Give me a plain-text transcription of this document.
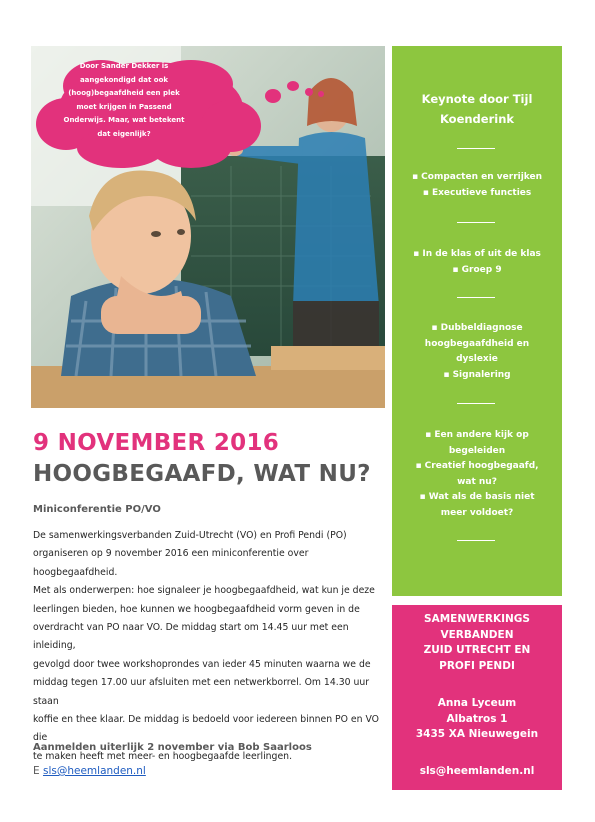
Door Sander Dekker is
aangekondigd dat ook
(hoog)begaafdheid een plek
moet krijgen in Passend
Onderwijs. Maar, wat betekent
dat eigenlijk?
Keynote door Tijl
Koenderink
▪ Compacten en verrijken
▪ Executieve functies
▪ In de klas of uit de klas
▪ Groep 9
▪ Dubbeldiagnose
hoogbegaafdheid en
dyslexie
▪ Signalering
▪ Een andere kijk op
begeleiden
▪ Creatief hoogbegaafd,
wat nu?
▪ Wat als de basis niet
meer voldoet?
SAMENWERKINGS
VERBANDEN
ZUID UTRECHT EN
PROFI PENDI
Anna Lyceum
Albatros 1
3435 XA Nieuwegein
sls@heemlanden.nl
9 NOVEMBER 2016
HOOGBEGAAFD, WAT NU?
Miniconferentie PO/VO
De samenwerkingsverbanden Zuid-Utrecht (VO) en Profi Pendi (PO)
organiseren op 9 november 2016 een miniconferentie over hoogbegaafdheid.
Met als onderwerpen: hoe signaleer je hoogbegaafdheid, wat kun je deze
leerlingen bieden, hoe kunnen we hoogbegaafdheid vorm geven in de
overdracht van PO naar VO. De middag start om 14.45 uur met een inleiding,
gevolgd door twee workshoprondes van ieder 45 minuten waarna we de
middag tegen 17.00 uur afsluiten met een netwerkborrel. Om 14.30 uur staan
koffie en thee klaar. De middag is bedoeld voor iedereen binnen PO en VO die
te maken heeft met meer- en hoogbegaafde leerlingen.
Aanmelden uiterlijk 2 november via Bob Saarloos
E sls@heemlanden.nl
